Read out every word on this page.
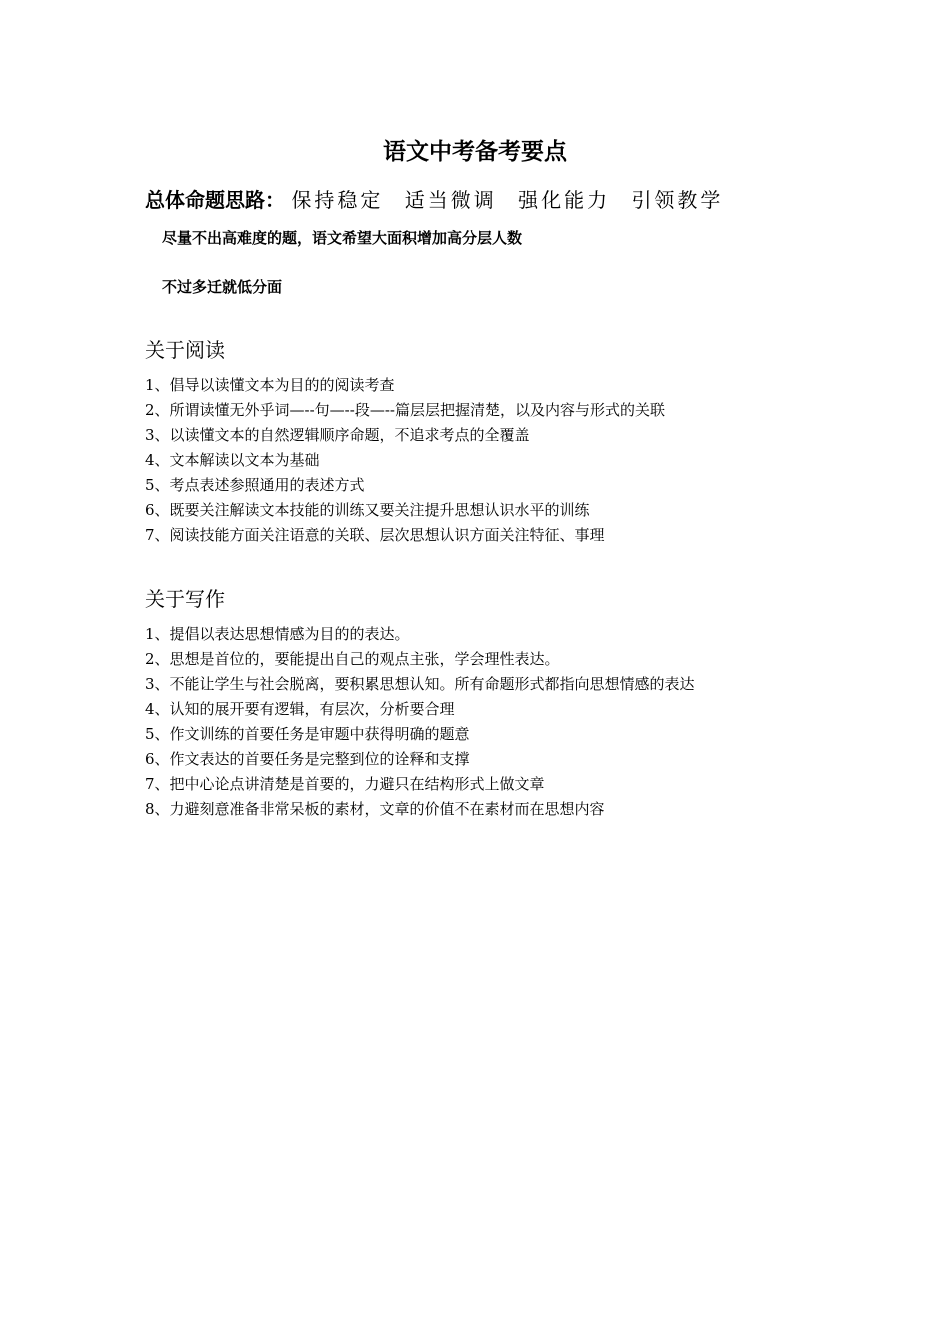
语文中考备考要点
总体命题思路： 保持稳定 适当微调 强化能力 引领教学
尽量不出高难度的题，语文希望大面积增加高分层人数
不过多迁就低分面
关于阅读
1、倡导以读懂文本为目的的阅读考查
2、所谓读懂无外乎词—--句—--段—--篇层层把握清楚，以及内容与形式的关联
3、以读懂文本的自然逻辑顺序命题，不追求考点的全覆盖
4、文本解读以文本为基础
5、考点表述参照通用的表述方式
6、既要关注解读文本技能的训练又要关注提升思想认识水平的训练
7、阅读技能方面关注语意的关联、层次思想认识方面关注特征、事理
关于写作
1、提倡以表达思想情感为目的的表达。
2、思想是首位的，要能提出自己的观点主张，学会理性表达。
3、不能让学生与社会脱离，要积累思想认知。所有命题形式都指向思想情感的表达
4、认知的展开要有逻辑，有层次，分析要合理
5、作文训练的首要任务是审题中获得明确的题意
6、作文表达的首要任务是完整到位的诠释和支撑
7、把中心论点讲清楚是首要的，力避只在结构形式上做文章
8、力避刻意准备非常呆板的素材，文章的价值不在素材而在思想内容
